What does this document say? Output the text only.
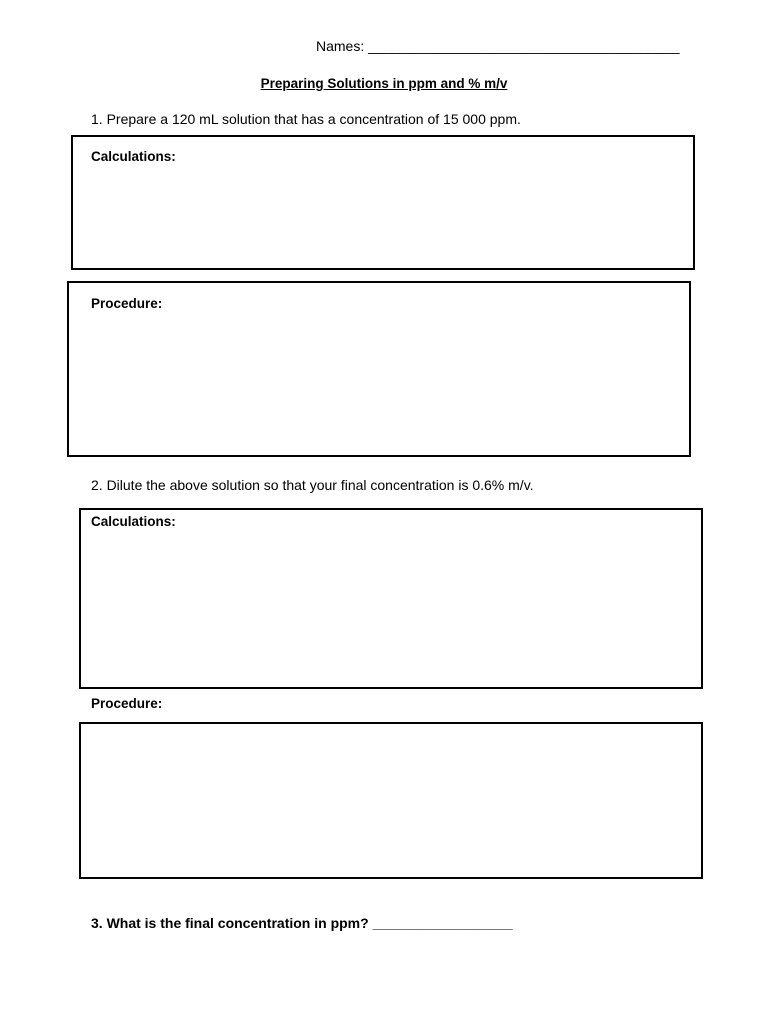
Names: ________________________________________
Preparing Solutions in ppm and % m/v
1. Prepare a 120 mL solution that has a concentration of 15 000 ppm.
Calculations:
Procedure:
2. Dilute the above solution so that your final concentration is 0.6% m/v.
Calculations:
Procedure:
3. What is the final concentration in ppm? __________________
